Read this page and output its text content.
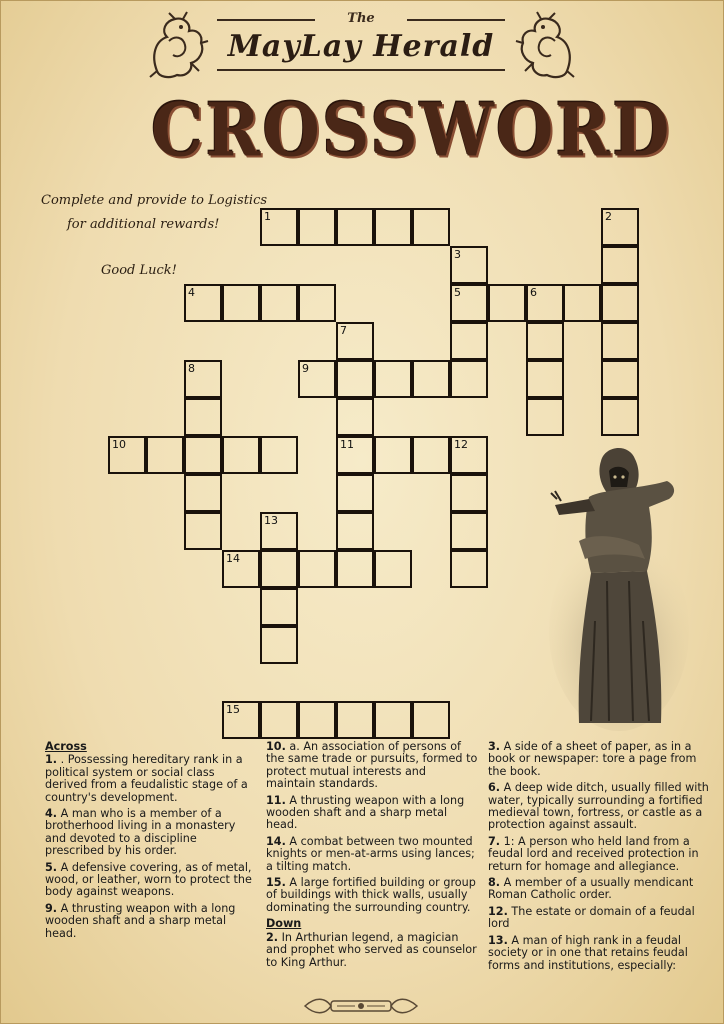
The
MayLay Herald
CROSSWORD
Complete and provide to Logistics
for additional rewards!
Good Luck!
1	2
3
5
4	6
7
11
9
8
10	12
13
14
15
Across

1. . Possessing hereditary rank in a political system or social class derived from a feudalistic stage of a country's development.

4. A man who is a member of a brotherhood living in a monastery and devoted to a discipline prescribed by his order.

5. A defensive covering, as of metal, wood, or leather, worn to protect the body against weapons.

9. A thrusting weapon with a long wooden shaft and a sharp metal head.

10. a. An association of persons of the same trade or pursuits, formed to protect mutual interests and maintain standards.

11. A thrusting weapon with a long wooden shaft and a sharp metal head.

14. A combat between two mounted knights or men-at-arms using lances; a tilting match.

15. A large fortified building or group of buildings with thick walls, usually dominating the surrounding country.

Down

2. In Arthurian legend, a magician and prophet who served as counselor to King Arthur.

3. A side of a sheet of paper, as in a book or newspaper: tore a page from the book.

6. A deep wide ditch, usually filled with water, typically surrounding a fortified medieval town, fortress, or castle as a protection against assault.

7. 1: A person who held land from a feudal lord and received protection in return for homage and allegiance.

8. A member of a usually mendicant Roman Catholic order.

12. The estate or domain of a feudal lord

13. A man of high rank in a feudal society or in one that retains feudal forms and institutions, especially:
